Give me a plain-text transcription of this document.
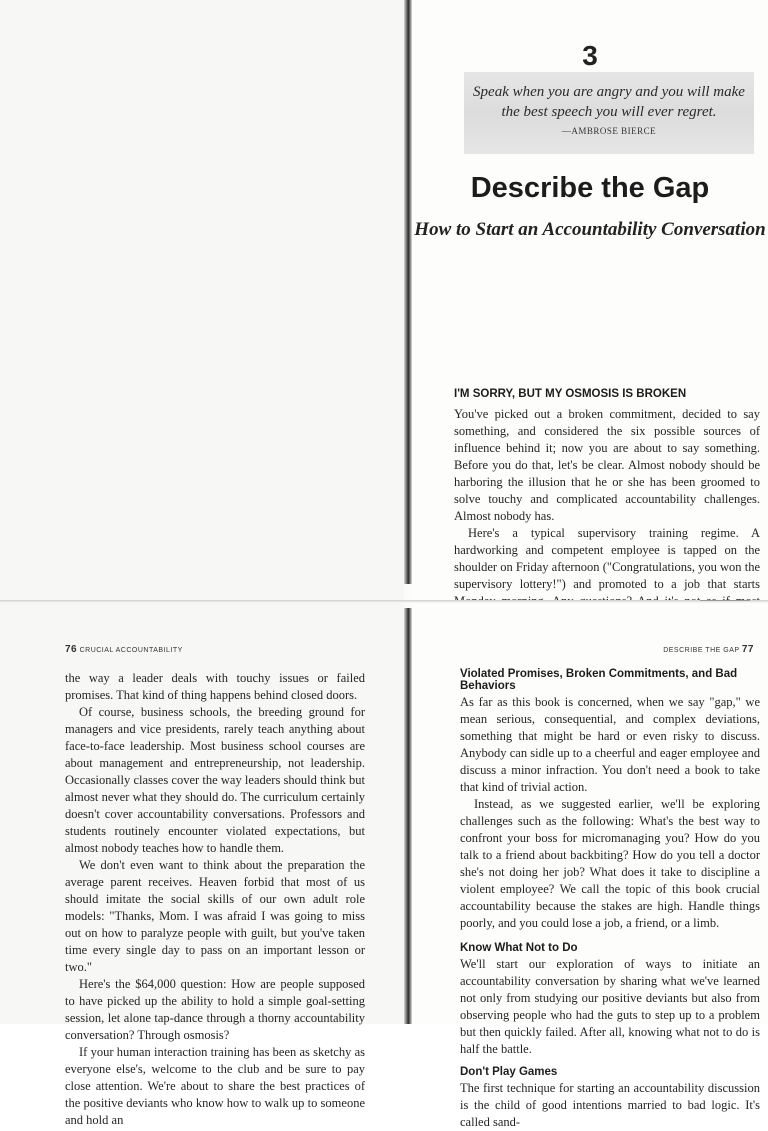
3
Speak when you are angry and you will make
the best speech you will ever regret.
—AMBROSE BIERCE
Describe the Gap
How to Start an Accountability Conversation
I'M SORRY, BUT MY OSMOSIS IS BROKEN

You've picked out a broken commitment, decided to say something, and considered the six possible sources of influence behind it; now you are about to say something. Before you do that, let's be clear. Almost nobody should be harboring the illusion that he or she has been groomed to solve touchy and complicated accountability challenges. Almost nobody has.

Here's a typical supervisory training regime. A hardworking and competent employee is tapped on the shoulder on Friday afternoon ("Congratulations, you won the supervisory lottery!") and promoted to a job that starts

76 CRUCIAL ACCOUNTABILITY

the way a leader deals with touchy issues or failed promises. That kind of thing happens behind closed doors.

Of course, business schools, the breeding ground for managers and vice presidents, rarely teach anything about face-to-face leadership. Most business school courses are about management and entrepreneurship, not leadership. Occasionally classes cover the way leaders should think but almost never what they should do. The curriculum certainly doesn't cover accountability conversations. Professors and students routinely encounter violated expectations, but almost nobody teaches how to handle them.

We don't even want to think about the preparation the average parent receives. Heaven forbid that most of us should imitate the social skills of our own adult role models: "Thanks, Mom. I was afraid I was going to miss out on how to paralyze people with guilt, but you've taken time every single day to pass on an important lesson or two."

Here's the $64,000 question: How are people supposed to have picked up the ability to hold a simple goal-setting session, let alone tap-dance through a thorny accountability conversation? Through osmosis?

If your human interaction training has been as sketchy as everyone else's, welcome to the club and be sure to pay close attention. We're about to share the best practices of the positive deviants who know how to walk up to someone and hold an

DESCRIBE THE GAP 77
Violated Promises, Broken Commitments, and Bad Behaviors

As far as this book is concerned, when we say "gap," we mean serious, consequential, and complex deviations, something that might be hard or even risky to discuss. Anybody can sidle up to a cheerful and eager employee and discuss a minor infraction. You don't need a book to take that kind of trivial action.

Instead, as we suggested earlier, we'll be exploring challenges such as the following: What's the best way to confront your boss for micromanaging you? How do you talk to a friend about backbiting? How do you tell a doctor she's not doing her job? What does it take to discipline a violent employee? We call the topic of this book crucial accountability because the stakes are high. Handle things poorly, and you could lose a job, a friend, or a limb.

Know What Not to Do

We'll start our exploration of ways to initiate an accountability conversation by sharing what we've learned not only from studying our positive deviants but also from observing people who had the guts to step up to a problem but then quickly failed. After all, knowing what not to do is half the battle.

Don't Play Games

The first technique for starting an accountability discussion is the child of good intentions married to bad logic. It's called sand-
